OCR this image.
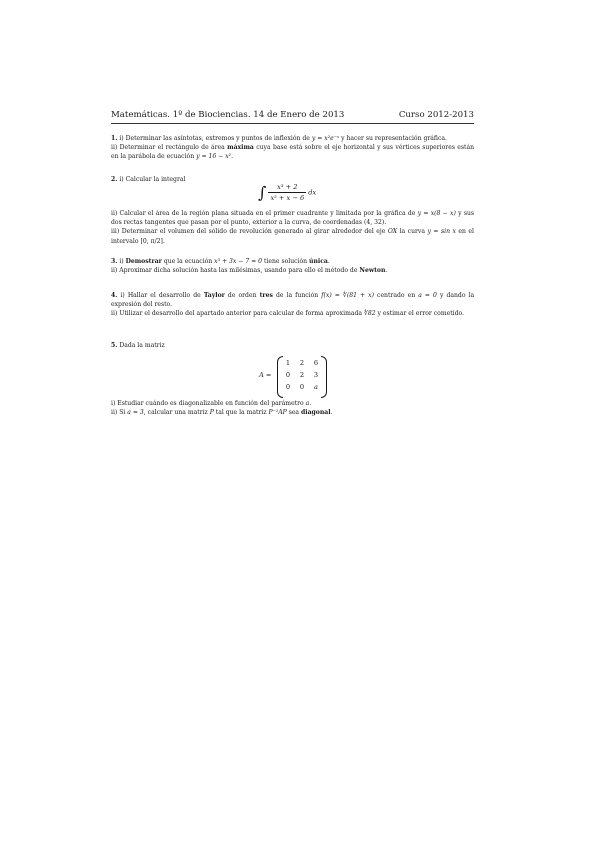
Matemáticas. 1º de Biociencias. 14 de Enero de 2013	Curso 2012-2013
1. i) Determinar las asíntotas, extremos y puntos de inflexión de y = x²e⁻ˣ y hacer su representación gráfica.
ii) Determinar el rectángulo de área máxima cuya base está sobre el eje horizontal y sus vértices superiores están en la parábola de ecuación y = 16 − x².
2. i) Calcular la integral
∫ $\frac{\text{x³ + 2}}{\text{x² + x − 6}}$ dx
ii) Calcular el área de la región plana situada en el primer cuadrante y limitada por la gráfica de y = x(8 − x) y sus dos rectas tangentes que pasan por el punto, exterior a la curva, de coordenadas (4, 32).
iii) Determinar el volumen del sólido de revolución generado al girar alrededor del eje OX la curva y = sin x en el intervalo [0, π/2].
3. i) Demostrar que la ecuación x³ + 3x − 7 = 0 tiene solución única.
ii) Aproximar dicha solución hasta las milésimas, usando para ello el método de Newton.
4. i) Hallar el desarrollo de Taylor de orden tres de la función f(x) = ∜(81 + x) centrado en a = 0 y dando la expresión del resto.
ii) Utilizar el desarrollo del apartado anterior para calcular de forma aproximada ∜82 y estimar el error cometido.
5. Dada la matriz
A =
1	2	6
0	2	3
0	0	a
i) Estudiar cuándo es diagonalizable en función del parámetro a.
ii) Si a = 3, calcular una matriz P tal que la matriz P⁻¹AP sea diagonal.
